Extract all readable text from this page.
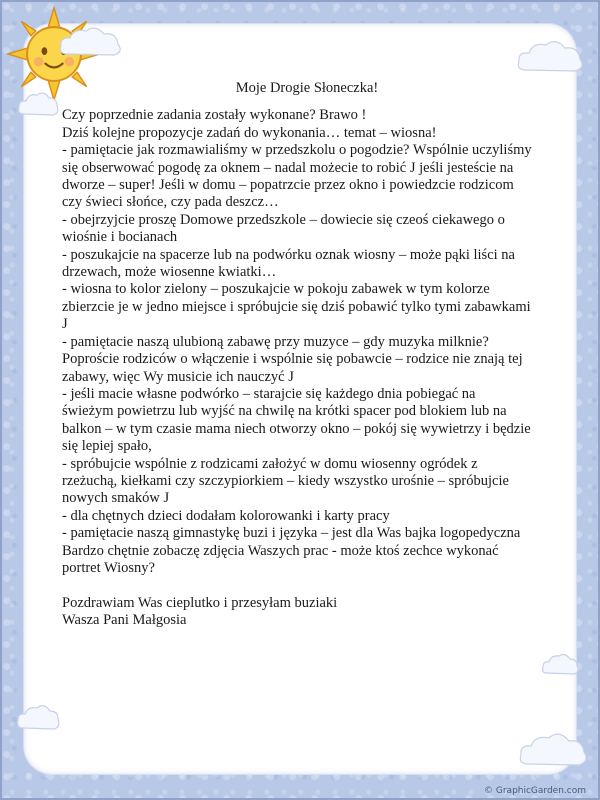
Moje Drogie Słoneczka!
Czy poprzednie zadania zostały wykonane? Brawo !
Dziś kolejne propozycje zadań do wykonania… temat – wiosna!
- pamiętacie jak rozmawialiśmy w przedszkolu o pogodzie? Wspólnie uczyliśmy
się obserwować pogodę za oknem – nadal możecie to robić J jeśli jesteście na
dworze – super! Jeśli w domu – popatrzcie przez okno i powiedzcie rodzicom
czy świeci słońce, czy pada deszcz…
- obejrzyjcie proszę Domowe przedszkole – dowiecie się czeoś ciekawego o
wiośnie i bocianach
- poszukajcie na spacerze lub na podwórku oznak wiosny – może pąki liści na
drzewach, może wiosenne kwiatki…
- wiosna to kolor zielony – poszukajcie w pokoju zabawek w tym kolorze
zbierzcie je w jedno miejsce i spróbujcie się dziś pobawić tylko tymi zabawkami
J
- pamiętacie naszą ulubioną zabawę przy muzyce – gdy muzyka milknie?
Poproście rodziców o włączenie i wspólnie się pobawcie – rodzice nie znają tej
zabawy, więc Wy musicie ich nauczyć J
- jeśli macie własne podwórko – starajcie się każdego dnia pobiegać na
świeżym powietrzu lub wyjść na chwilę na krótki spacer pod blokiem lub na
balkon – w tym czasie mama niech otworzy okno – pokój się wywietrzy i będzie
się lepiej spało,
- spróbujcie wspólnie z rodzicami założyć w domu wiosenny ogródek z
rzeżuchą, kiełkami czy szczypiorkiem – kiedy wszystko urośnie – spróbujcie
nowych smaków J
- dla chętnych dzieci dodałam kolorowanki i karty pracy
- pamiętacie naszą gimnastykę buzi i języka – jest dla Was bajka logopedyczna
Bardzo chętnie zobaczę zdjęcia Waszych prac - może ktoś zechce wykonać
portret Wiosny?
Pozdrawiam Was cieplutko i przesyłam buziaki
Wasza Pani Małgosia
© GraphicGarden.com
